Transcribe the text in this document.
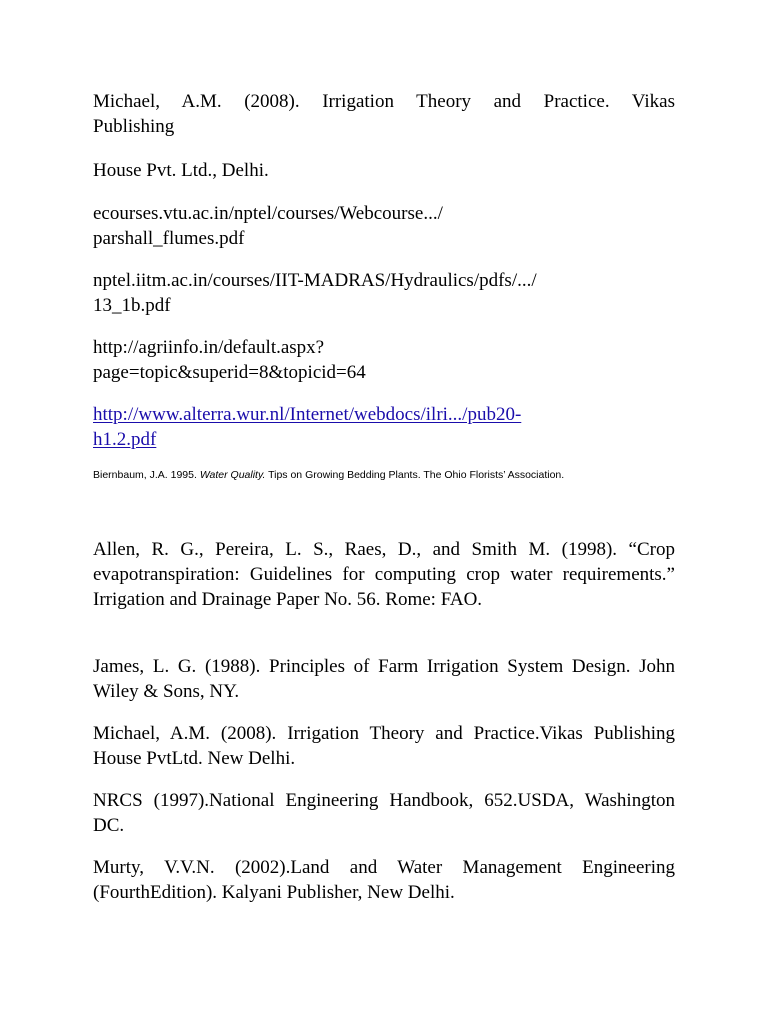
Michael, A.M. (2008). Irrigation Theory and Practice. Vikas
Publishing

House Pvt. Ltd., Delhi.

ecourses.vtu.ac.in/nptel/courses/Webcourse.../
parshall_flumes.pdf

nptel.iitm.ac.in/courses/IIT-MADRAS/Hydraulics/pdfs/.../
13_1b.pdf

http://agriinfo.in/default.aspx?
page=topic&superid=8&topicid=64

http://www.alterra.wur.nl/Internet/webdocs/ilri.../pub20-
h1.2.pdf

Biernbaum, J.A. 1995. Water Quality. Tips on Growing Bedding Plants. The Ohio Florists’ Association.

Allen, R. G., Pereira, L. S., Raes, D., and Smith M. (1998). “Crop evapotranspiration: Guidelines for computing crop water requirements.” Irrigation and Drainage Paper No. 56. Rome: FAO.

James, L. G. (1988). Principles of Farm Irrigation System Design. John Wiley & Sons, NY.

Michael, A.M. (2008). Irrigation Theory and Practice.Vikas Publishing House PvtLtd. New Delhi.

NRCS (1997).National Engineering Handbook, 652.USDA, Washington DC.

Murty, V.V.N. (2002).Land and Water Management Engineering (FourthEdition). Kalyani Publisher, New Delhi.
